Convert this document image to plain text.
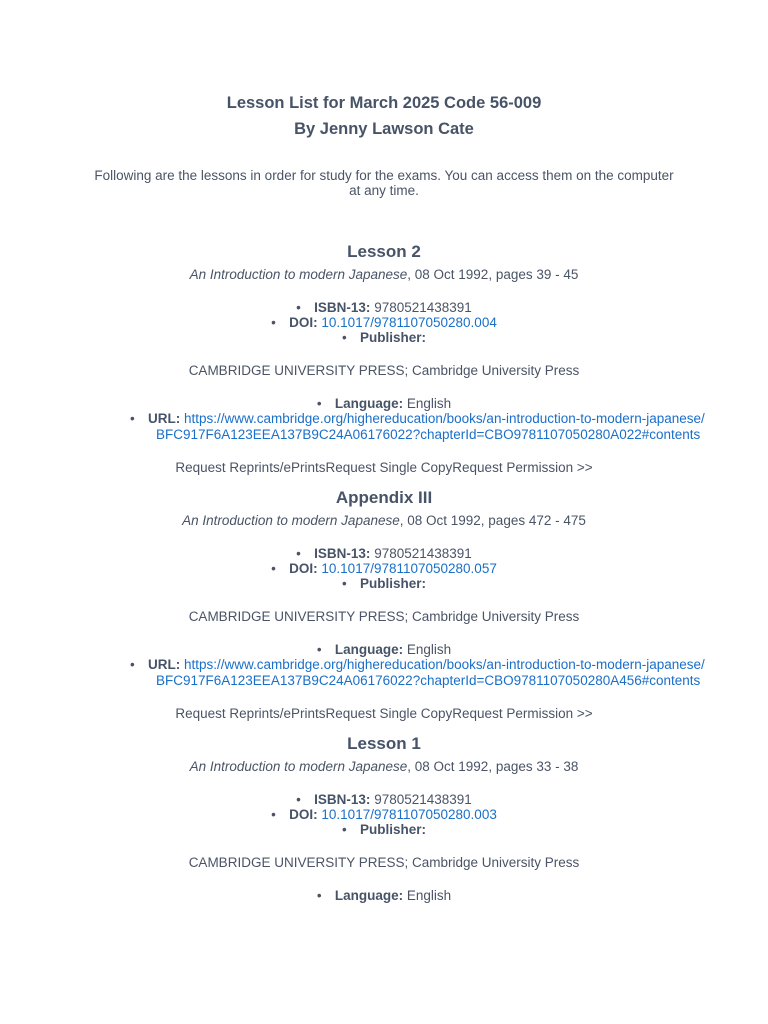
Lesson List for March 2025 Code 56-009

By Jenny Lawson Cate

Following are the lessons in order for study for the exams. You can access them on the computer at any time.
Lesson 2
An Introduction to modern Japanese, 08 Oct 1992, pages 39 - 45
• ISBN-13: 9780521438391
• DOI: 10.1017/9781107050280.004
• Publisher:
CAMBRIDGE UNIVERSITY PRESS; Cambridge University Press
• Language: English
• URL: https://www.cambridge.org/highereducation/books/an-introduction-to-modern-japanese/
BFC917F6A123EEA137B9C24A06176022?chapterId=CBO9781107050280A022#contents
Request Reprints/ePrintsRequest Single CopyRequest Permission >>
Appendix III
An Introduction to modern Japanese, 08 Oct 1992, pages 472 - 475
• ISBN-13: 9780521438391
• DOI: 10.1017/9781107050280.057
• Publisher:
CAMBRIDGE UNIVERSITY PRESS; Cambridge University Press
• Language: English
• URL: https://www.cambridge.org/highereducation/books/an-introduction-to-modern-japanese/
BFC917F6A123EEA137B9C24A06176022?chapterId=CBO9781107050280A456#contents
Request Reprints/ePrintsRequest Single CopyRequest Permission >>
Lesson 1
An Introduction to modern Japanese, 08 Oct 1992, pages 33 - 38
• ISBN-13: 9780521438391
• DOI: 10.1017/9781107050280.003
• Publisher:
CAMBRIDGE UNIVERSITY PRESS; Cambridge University Press
• Language: English
